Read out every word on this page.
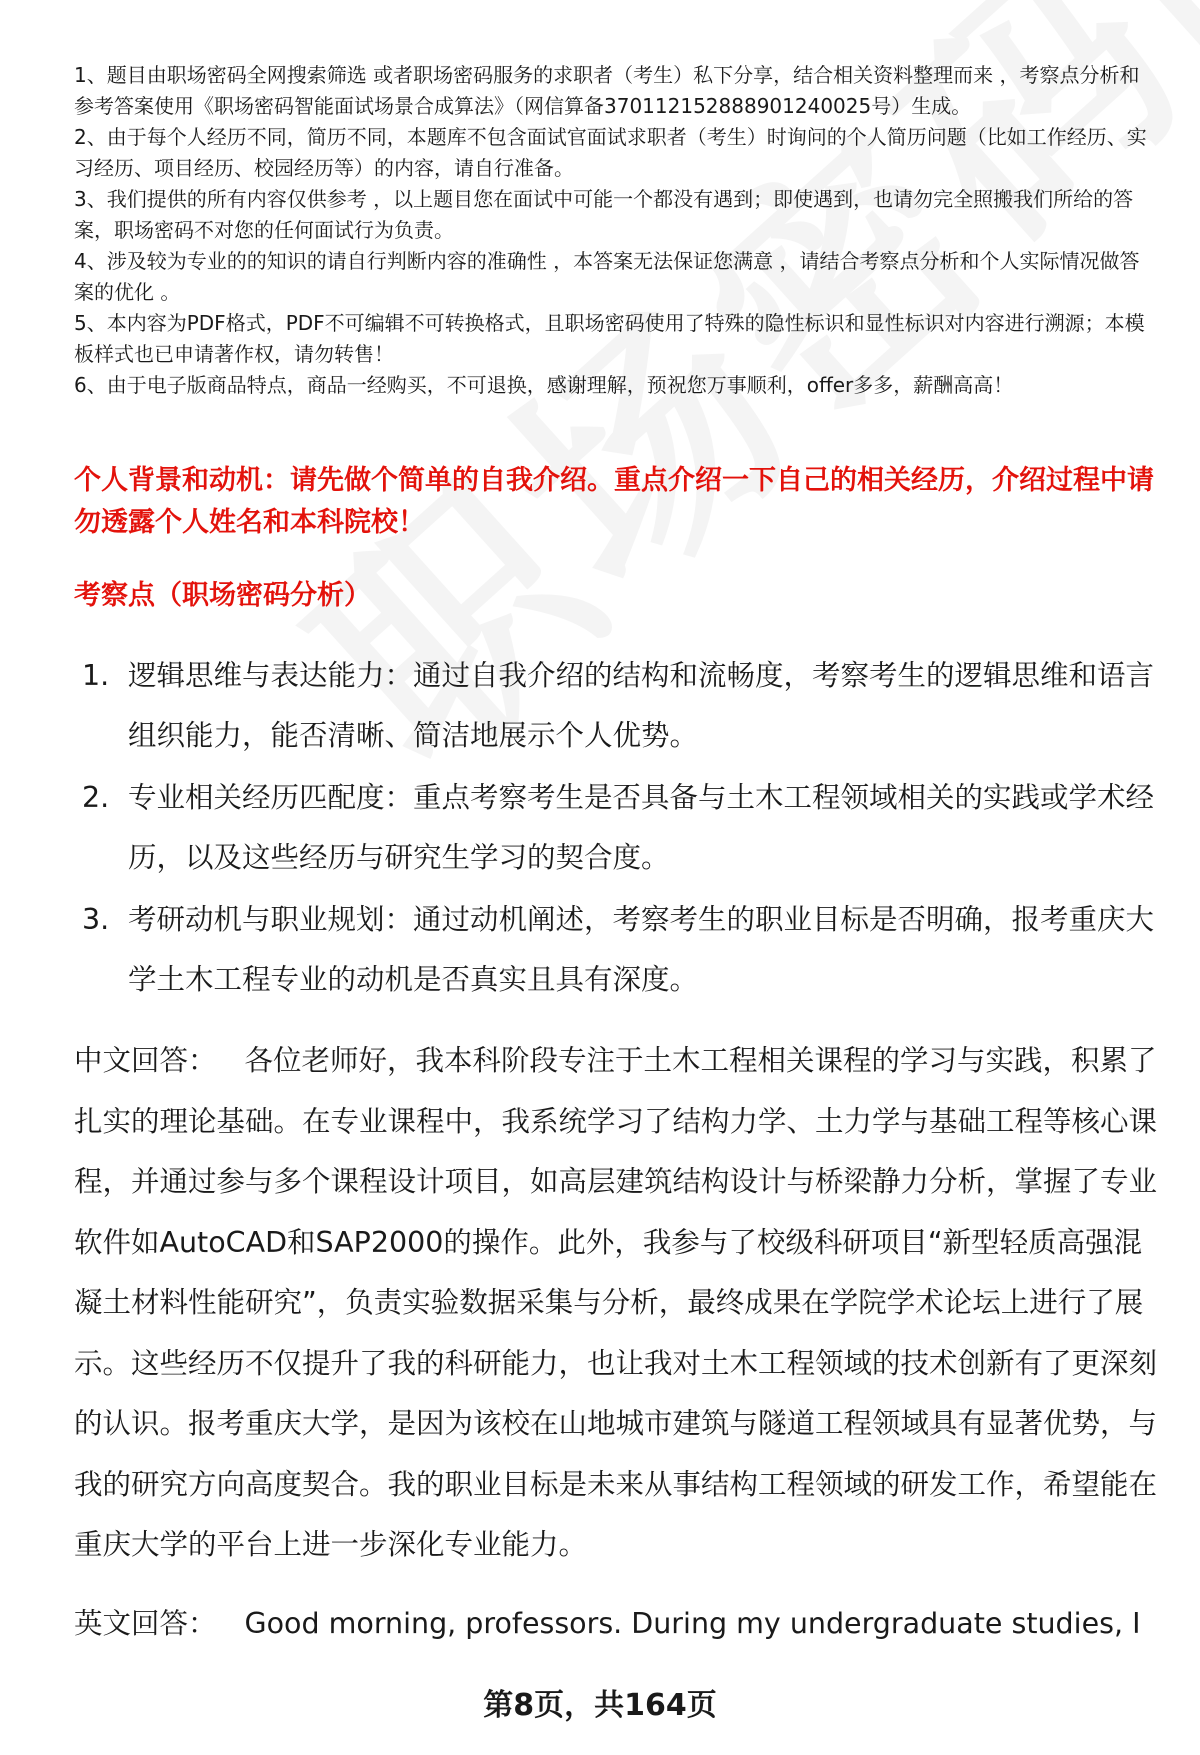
1、题目由职场密码全网搜索筛选 或者职场密码服务的求职者（考生）私下分享，结合相关资料整理而来 ，考察点分析和参考答案使用《职场密码智能面试场景合成算法》（网信算备370112152888901240025号）生成。

2、由于每个人经历不同，简历不同，本题库不包含面试官面试求职者（考生）时询问的个人简历问题（比如工作经历、实习经历、项目经历、校园经历等）的内容，请自行准备。

3、我们提供的所有内容仅供参考 ，以上题目您在面试中可能一个都没有遇到；即使遇到，也请勿完全照搬我们所给的答案，职场密码不对您的任何面试行为负责。

4、涉及较为专业的的知识的请自行判断内容的准确性 ，本答案无法保证您满意 ，请结合考察点分析和个人实际情况做答案的优化 。

5、本内容为PDF格式，PDF不可编辑不可转换格式，且职场密码使用了特殊的隐性标识和显性标识对内容进行溯源；本模板样式也已申请著作权，请勿转售！

6、由于电子版商品特点，商品一经购买，不可退换，感谢理解，预祝您万事顺利，offer多多，薪酬高高！

个人背景和动机：请先做个简单的自我介绍。重点介绍一下自己的相关经历，介绍过程中请勿透露个人姓名和本科院校！

考察点（职场密码分析）

1. 逻辑思维与表达能力：通过自我介绍的结构和流畅度，考察考生的逻辑思维和语言组织能力，能否清晰、简洁地展示个人优势。
2. 专业相关经历匹配度：重点考察考生是否具备与土木工程领域相关的实践或学术经历，以及这些经历与研究生学习的契合度。
3. 考研动机与职业规划：通过动机阐述，考察考生的职业目标是否明确，报考重庆大学土木工程专业的动机是否真实且具有深度。

中文回答： 各位老师好，我本科阶段专注于土木工程相关课程的学习与实践，积累了扎实的理论基础。在专业课程中，我系统学习了结构力学、土力学与基础工程等核心课程，并通过参与多个课程设计项目，如高层建筑结构设计与桥梁静力分析，掌握了专业软件如AutoCAD和SAP2000的操作。此外，我参与了校级科研项目“新型轻质高强混凝土材料性能研究”，负责实验数据采集与分析，最终成果在学院学术论坛上进行了展示。这些经历不仅提升了我的科研能力，也让我对土木工程领域的技术创新有了更深刻的认识。报考重庆大学，是因为该校在山地城市建筑与隧道工程领域具有显著优势，与我的研究方向高度契合。我的职业目标是未来从事结构工程领域的研发工作，希望能在重庆大学的平台上进一步深化专业能力。

英文回答： Good morning, professors. During my undergraduate studies, I

第8页，共164页
